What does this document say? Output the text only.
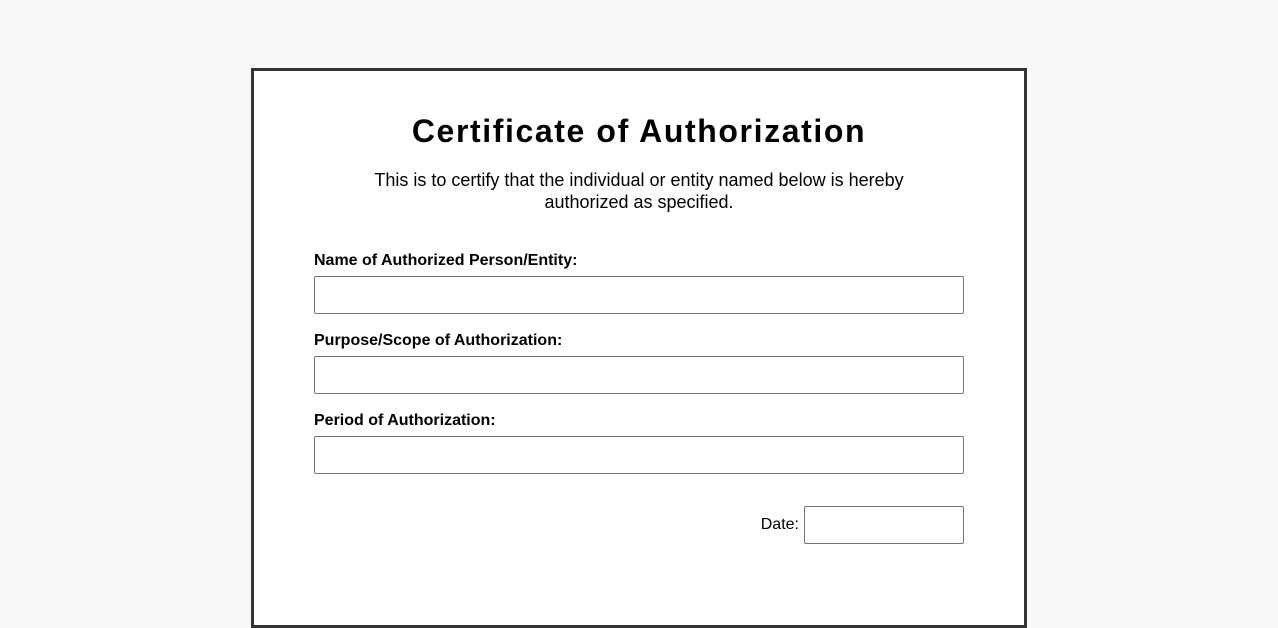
Certificate of Authorization

This is to certify that the individual or entity named below is hereby authorized as specified.

Name of Authorized Person/Entity:
Purpose/Scope of Authorization:
Period of Authorization:
Date:
